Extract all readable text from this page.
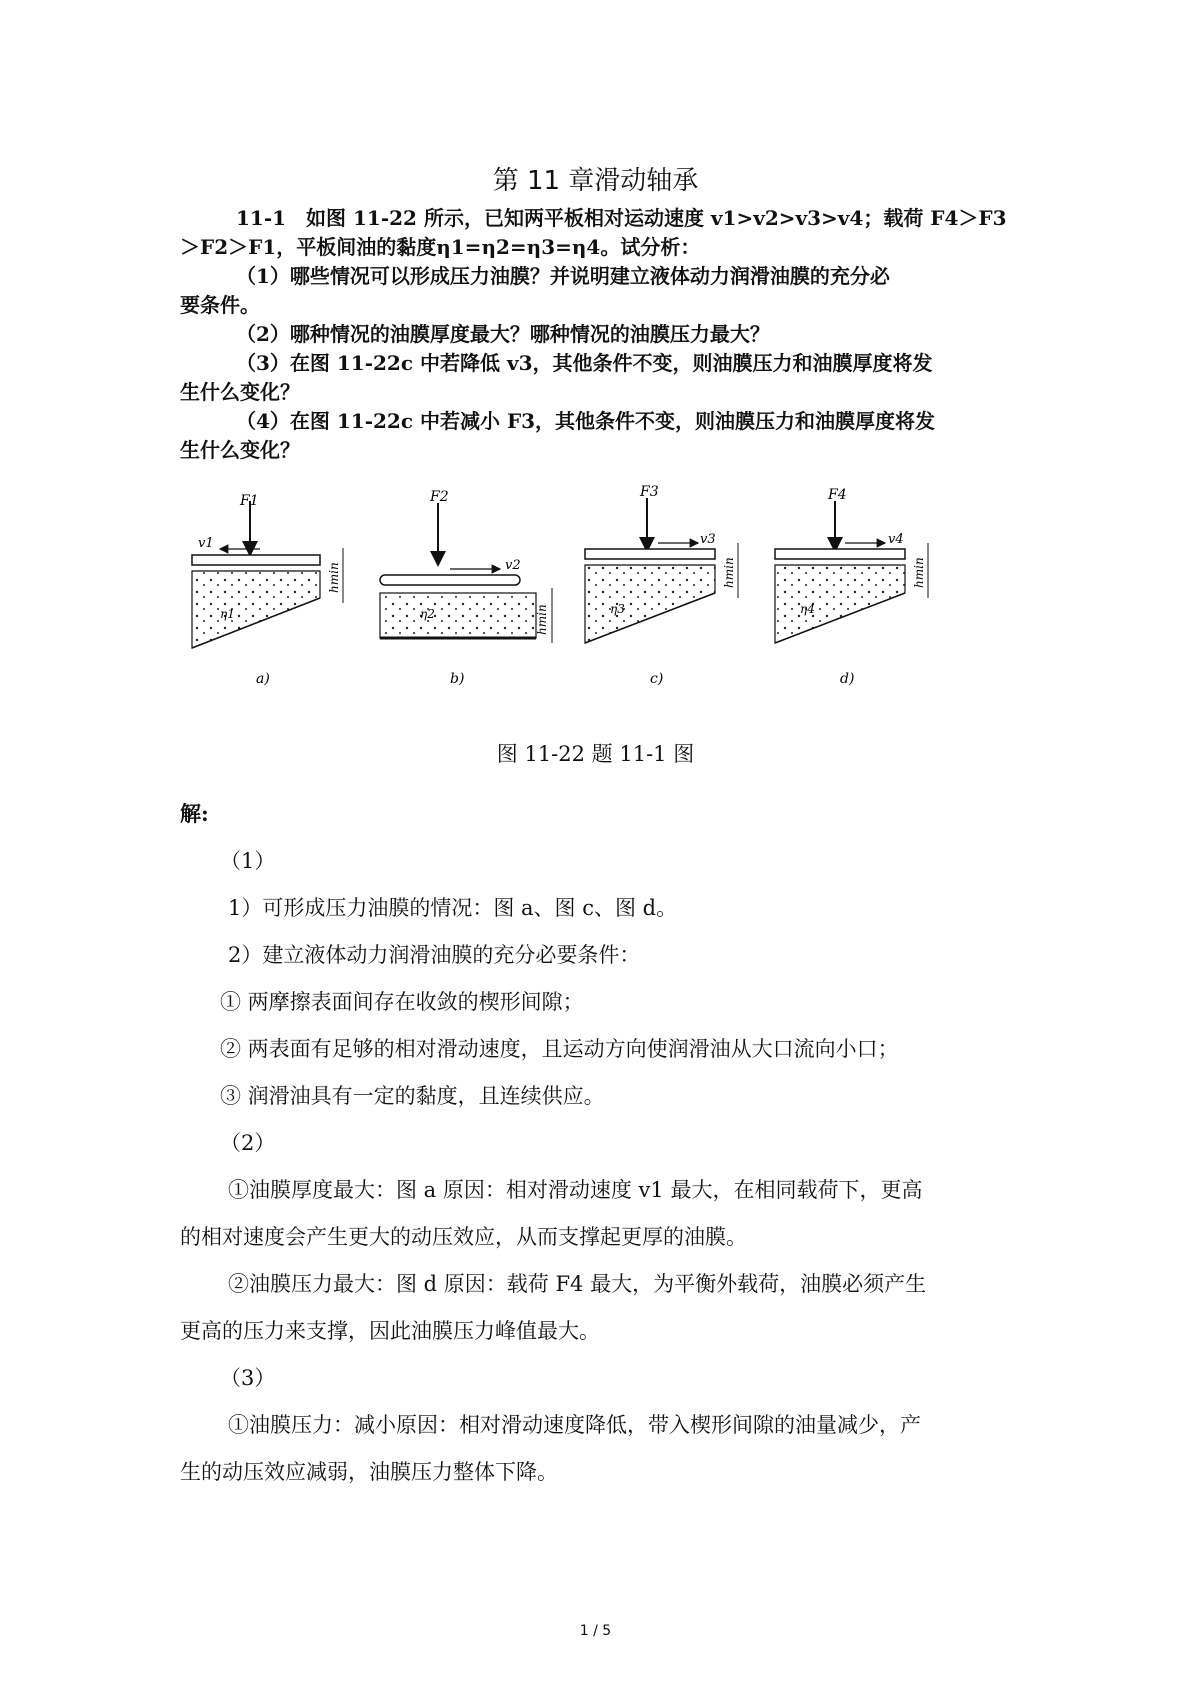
第 11 章滑动轴承

11-1　如图 11-22 所示，已知两平板相对运动速度 v1>v2>v3>v4；载荷 F4＞F3

＞F2＞F1，平板间油的黏度η1=η2=η3=η4。试分析：

（1）哪些情况可以形成压力油膜？并说明建立液体动力润滑油膜的充分必

要条件。

（2）哪种情况的油膜厚度最大？哪种情况的油膜压力最大？

（3）在图 11-22c 中若降低 v3，其他条件不变，则油膜压力和油膜厚度将发

生什么变化？

（4）在图 11-22c 中若减小 F3，其他条件不变，则油膜压力和油膜厚度将发

生什么变化？

F1
v1
η1
hmin
a)
F2
v2
η2	hmin
b)
F3
v3
η3
hmin
c)
F4
v4
η4
hmin
d)
图 11-22 题 11-1 图
解:

（1）

1）可形成压力油膜的情况：图 a、图 c、图 d。

2）建立液体动力润滑油膜的充分必要条件：

① 两摩擦表面间存在收敛的楔形间隙；

② 两表面有足够的相对滑动速度，且运动方向使润滑油从大口流向小口；

③ 润滑油具有一定的黏度，且连续供应。

（2）

①油膜厚度最大：图 a 原因：相对滑动速度 v1 最大，在相同载荷下，更高

的相对速度会产生更大的动压效应，从而支撑起更厚的油膜。

②油膜压力最大：图 d 原因：载荷 F4 最大，为平衡外载荷，油膜必须产生

更高的压力来支撑，因此油膜压力峰值最大。

（3）

①油膜压力：减小原因：相对滑动速度降低，带入楔形间隙的油量减少，产

生的动压效应减弱，油膜压力整体下降。

1 / 5
